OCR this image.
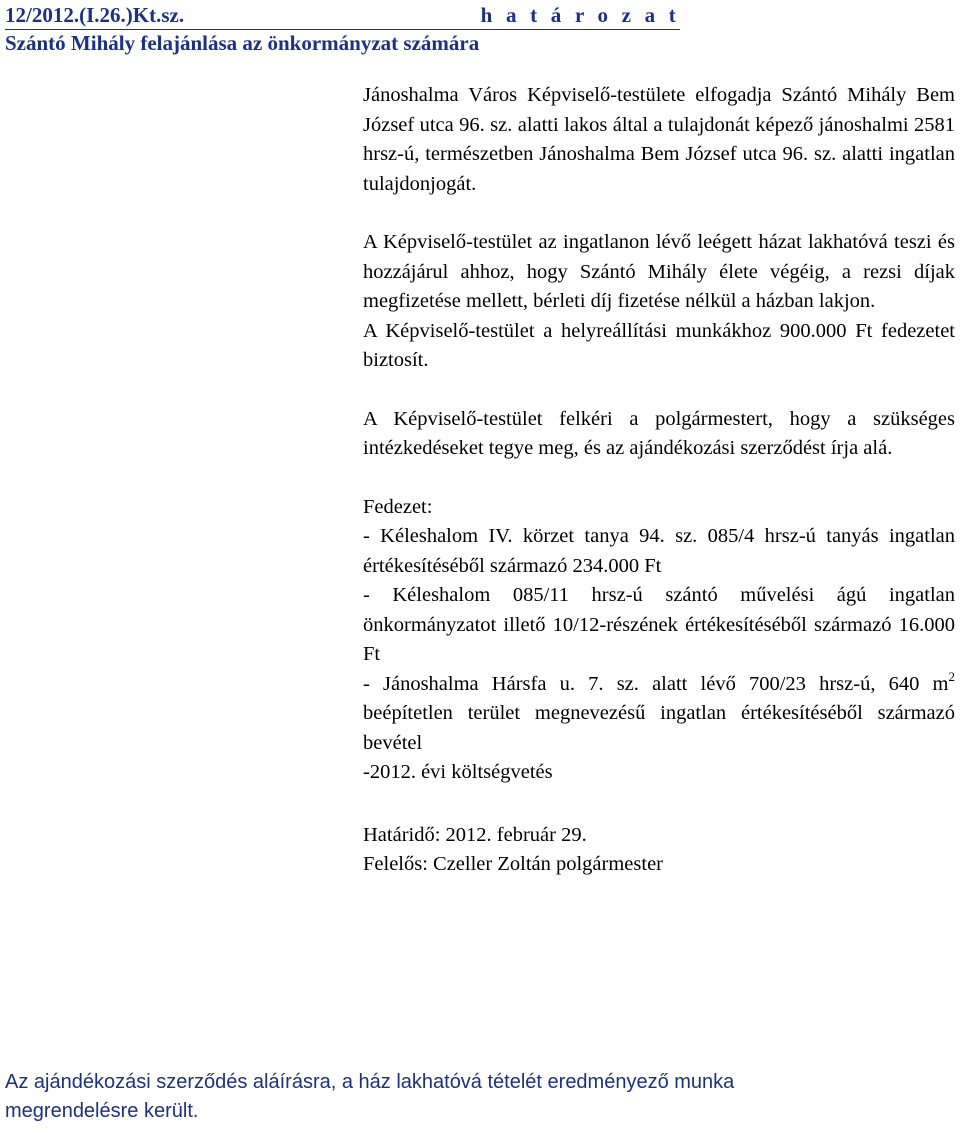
12/2012.(I.26.)Kt.sz.	h a t á r o z a t
Szántó Mihály felajánlása az önkormányzat számára

Jánoshalma Város Képviselő-testülete elfogadja Szántó Mihály Bem József utca 96. sz. alatti lakos által a tulajdonát képező jánoshalmi 2581 hrsz-ú, természetben Jánoshalma Bem József utca 96. sz. alatti ingatlan tulajdonjogát.

A Képviselő-testület az ingatlanon lévő leégett házat lakhatóvá teszi és hozzájárul ahhoz, hogy Szántó Mihály élete végéig, a rezsi díjak megfizetése mellett, bérleti díj fizetése nélkül a házban lakjon.

A Képviselő-testület a helyreállítási munkákhoz 900.000 Ft fedezetet biztosít.

A Képviselő-testület felkéri a polgármestert, hogy a szükséges intézkedéseket tegye meg, és az ajándékozási szerződést írja alá.

Fedezet:

- Kéleshalom IV. körzet tanya 94. sz. 085/4 hrsz-ú tanyás ingatlan értékesítéséből származó 234.000 Ft

- Kéleshalom 085/11 hrsz-ú szántó művelési ágú ingatlan önkormányzatot illető 10/12-részének értékesítéséből származó 16.000 Ft

- Jánoshalma Hársfa u. 7. sz. alatt lévő 700/23 hrsz-ú, 640 $m^2$ beépítetlen terület megnevezésű ingatlan értékesítéséből származó bevétel

-2012. évi költségvetés

Határidő: 2012. február 29.

Felelős: Czeller Zoltán polgármester

Az ajándékozási szerződés aláírásra, a ház lakhatóvá tételét eredményező munka megrendelésre került.
